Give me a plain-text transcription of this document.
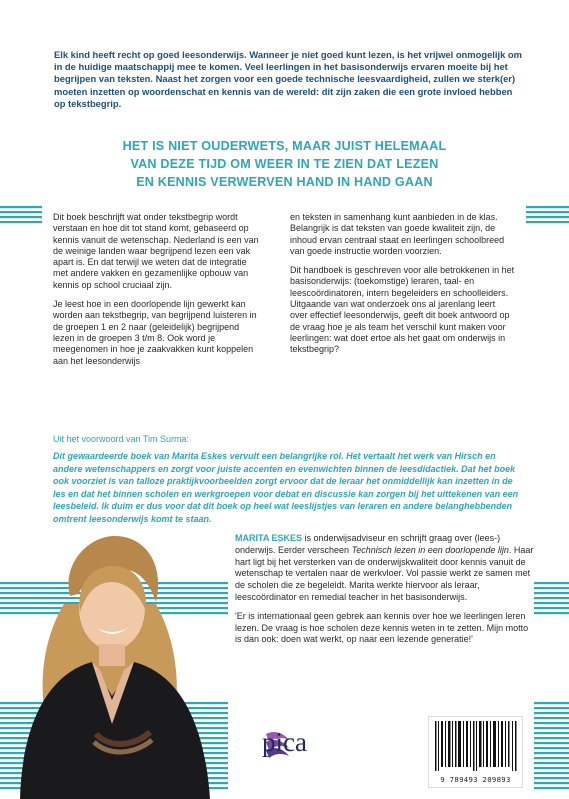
Elk kind heeft recht op goed leesonderwijs. Wanneer je niet goed kunt lezen, is het vrijwel onmogelijk om in de huidige maatschappij mee te komen. Veel leerlingen in het basisonderwijs ervaren moeite bij het begrijpen van teksten. Naast het zorgen voor een goede technische leesvaardigheid, zullen we sterk(er) moeten inzetten op woordenschat en kennis van de wereld: dit zijn zaken die een grote invloed hebben op tekstbegrip.
HET IS NIET OUDERWETS, MAAR JUIST HELEMAAL
VAN DEZE TIJD OM WEER IN TE ZIEN DAT LEZEN
EN KENNIS VERWERVEN HAND IN HAND GAAN

Dit boek beschrijft wat onder tekstbegrip wordt verstaan en hoe dit tot stand komt, gebaseerd op kennis vanuit de wetenschap. Nederland is een van de weinige landen waar begrijpend lezen een vak apart is. En dat terwijl we weten dat de integratie met andere vakken en gezamenlijke opbouw van kennis op school cruciaal zijn.

Je leest hoe in een doorlopende lijn gewerkt kan worden aan tekstbegrip, van begrijpend luisteren in de groepen 1 en 2 naar (geleidelijk) begrijpend lezen in de groepen 3 t/m 8. Ook word je meegenomen in hoe je zaakvakken kunt koppelen aan het leesonderwijs

en teksten in samenhang kunt aanbieden in de klas. Belangrijk is dat teksten van goede kwaliteit zijn, de inhoud ervan centraal staat en leerlingen schoolbreed van goede instructie worden voorzien.

Dit handboek is geschreven voor alle betrokkenen in het basisonderwijs: (toekomstige) leraren, taal- en leescoördinatoren, intern begeleiders en schoolleiders. Uitgaande van wat onderzoek ons al jarenlang leert over effectief leesonderwijs, geeft dit boek antwoord op de vraag hoe je als team het verschil kunt maken voor leerlingen: wat doet ertoe als het gaat om onderwijs in tekstbegrip?

Uit het voorwoord van Tim Surma:
Dit gewaardeerde boek van Marita Eskes vervult een belangrijke rol. Het vertaalt het werk van Hirsch en andere wetenschappers en zorgt voor juiste accenten en evenwichten binnen de leesdidactiek. Dat het boek ook voorziet is van talloze praktijkvoorbeelden zorgt ervoor dat de leraar het onmiddellijk kan inzetten in de les en dat het binnen scholen en werkgroepen voor debat en discussie kan zorgen bij het uittekenen van een leesbeleid. Ik duim er dus voor dat dit boek op heel wat leeslijstjes van leraren en andere belanghebbenden omtrent leesonderwijs komt te staan.

MARITA ESKES is onderwijsadviseur en schrijft graag over (lees-) onderwijs. Eerder verscheen Technisch lezen in een doorlopende lijn. Haar hart ligt bij het versterken van de onderwijskwaliteit door kennis vanuit de wetenschap te vertalen naar de werkvloer. Vol passie werkt ze samen met de scholen die ze begeleidt. Marita werkte hiervoor als leraar, leescoördinator en remedial teacher in het basisonderwijs.

'Er is internationaal geen gebrek aan kennis over hoe we leerlingen leren lezen. De vraag is hoe scholen deze kennis weten in te zetten. Mijn motto is dan ook: doen wat werkt, op naar een lezende generatie!'

pica
9 789493 209893
